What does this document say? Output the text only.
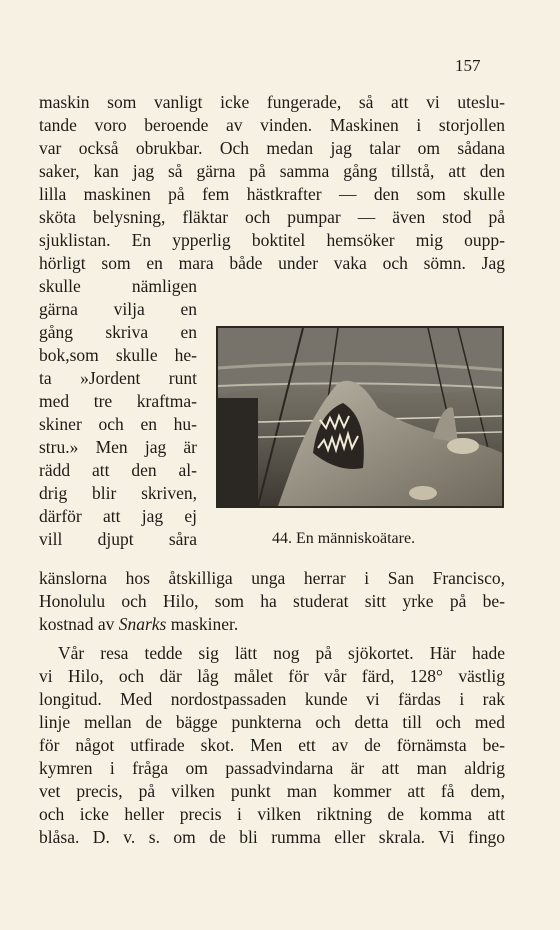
157
maskin som vanligt icke fungerade, så att vi uteslu-
tande voro beroende av vinden. Maskinen i storjollen
var också obrukbar. Och medan jag talar om sådana
saker, kan jag så gärna på samma gång tillstå, att den
lilla maskinen på fem hästkrafter — den som skulle
sköta belysning, fläktar och pumpar — även stod på
sjuklistan. En ypperlig boktitel hemsöker mig oupp-
hörligt som en mara både under vaka och sömn. Jag
skulle nämligen
gärna vilja en
gång skriva en
bok,som skulle he-
ta »Jordent runt
med tre kraftma-
skiner och en hu-
stru.» Men jag är
rädd att den al-
drig blir skriven,
därför att jag ej
vill djupt såra	44. En människoätare.
känslorna hos åtskilliga unga herrar i San Francisco,
Honolulu och Hilo, som ha studerat sitt yrke på be-
kostnad av Snarks maskiner.
Vår resa tedde sig lätt nog på sjökortet. Här hade
vi Hilo, och där låg målet för vår färd, 128° västlig
longitud. Med nordostpassaden kunde vi färdas i rak
linje mellan de bägge punkterna och detta till och med
för något utfirade skot. Men ett av de förnämsta be-
kymren i fråga om passadvindarna är att man aldrig
vet precis, på vilken punkt man kommer att få dem,
och icke heller precis i vilken riktning de komma att
blåsa. D. v. s. om de bli rumma eller skrala. Vi fingo
